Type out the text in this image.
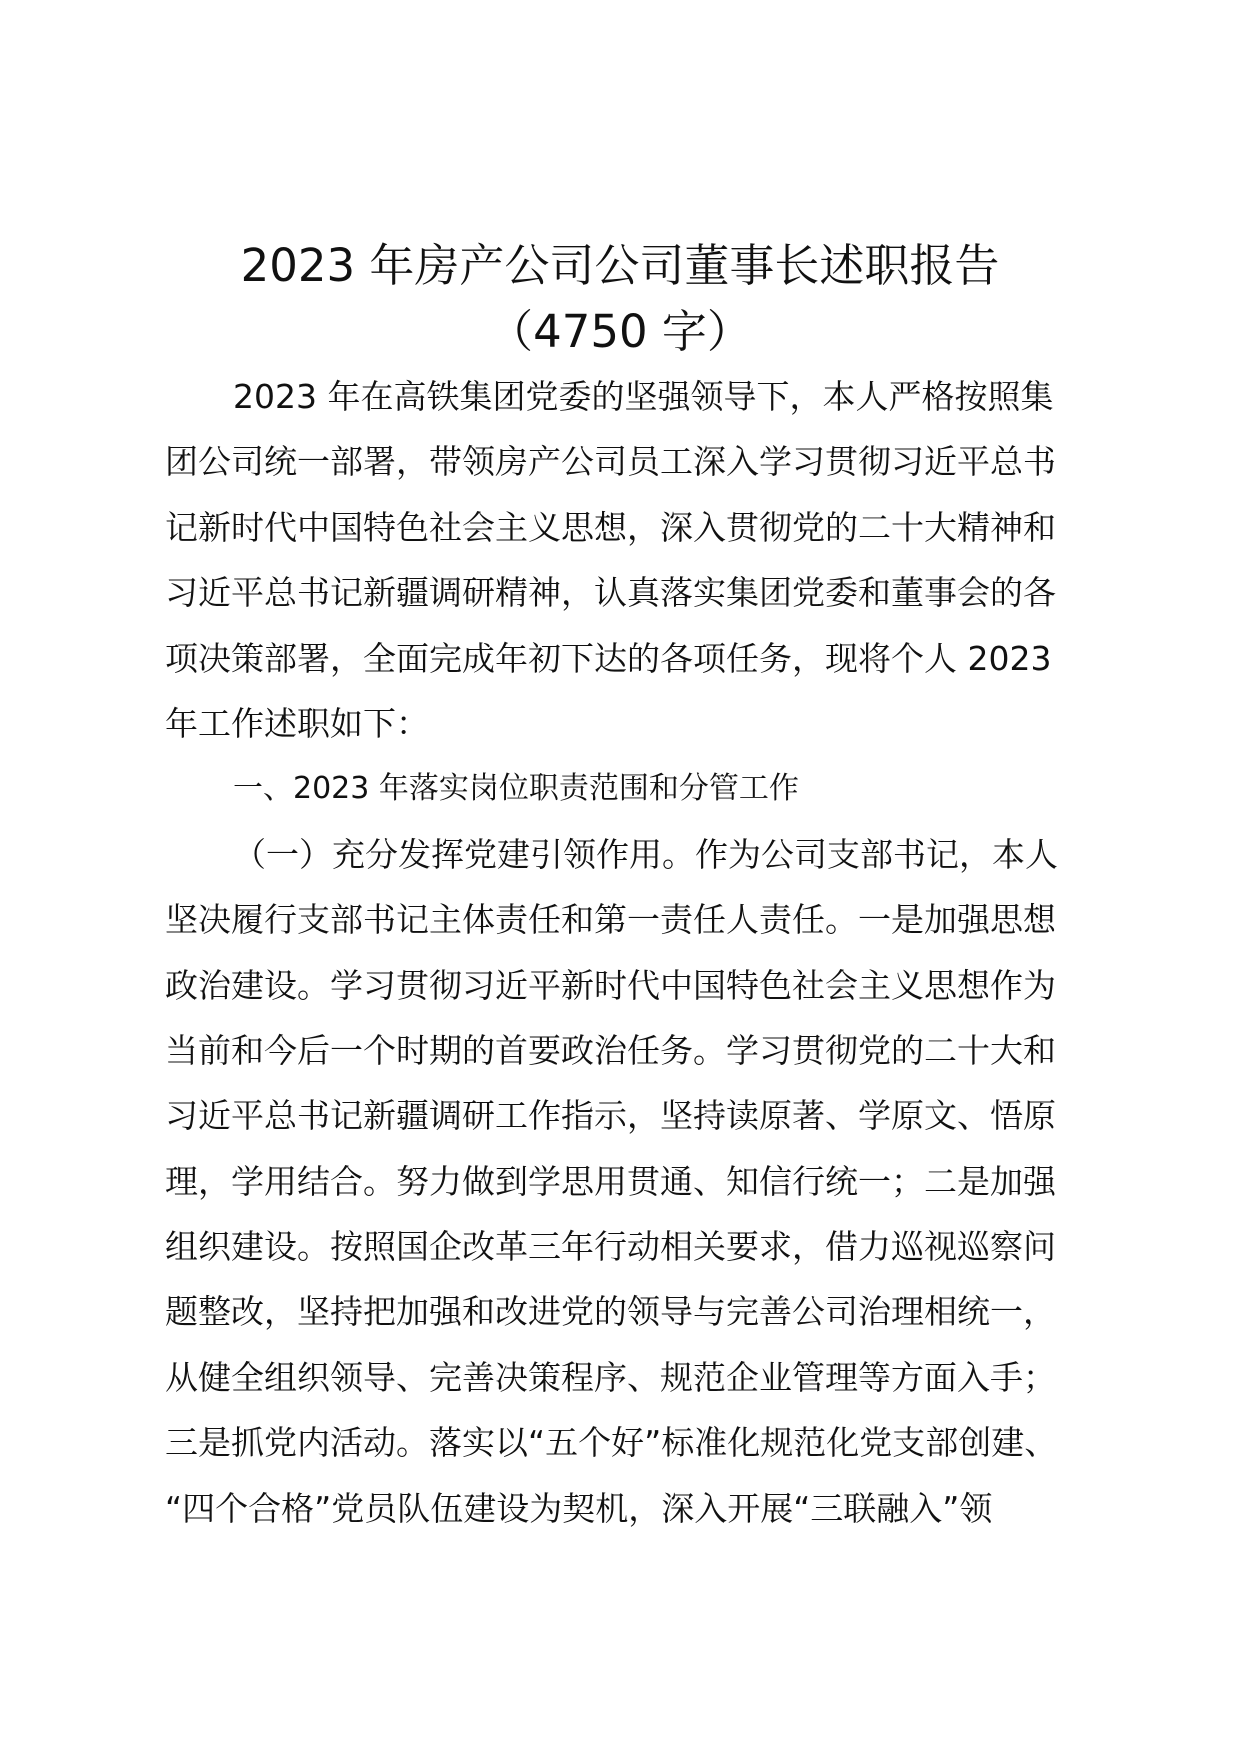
2023 年房产公司公司董事长述职报告
（4750 字）
2023 年在高铁集团党委的坚强领导下，本人严格按照集
团公司统一部署，带领房产公司员工深入学习贯彻习近平总书
记新时代中国特色社会主义思想，深入贯彻党的二十大精神和
习近平总书记新疆调研精神，认真落实集团党委和董事会的各
项决策部署，全面完成年初下达的各项任务，现将个人 2023
年工作述职如下：
一、2023 年落实岗位职责范围和分管工作
（一）充分发挥党建引领作用。作为公司支部书记，本人
坚决履行支部书记主体责任和第一责任人责任。一是加强思想
政治建设。学习贯彻习近平新时代中国特色社会主义思想作为
当前和今后一个时期的首要政治任务。学习贯彻党的二十大和
习近平总书记新疆调研工作指示，坚持读原著、学原文、悟原
理，学用结合。努力做到学思用贯通、知信行统一；二是加强
组织建设。按照国企改革三年行动相关要求，借力巡视巡察问
题整改，坚持把加强和改进党的领导与完善公司治理相统一，
从健全组织领导、完善决策程序、规范企业管理等方面入手；
三是抓党内活动。落实以“五个好”标准化规范化党支部创建、
“四个合格”党员队伍建设为契机，深入开展“三联融入”领
